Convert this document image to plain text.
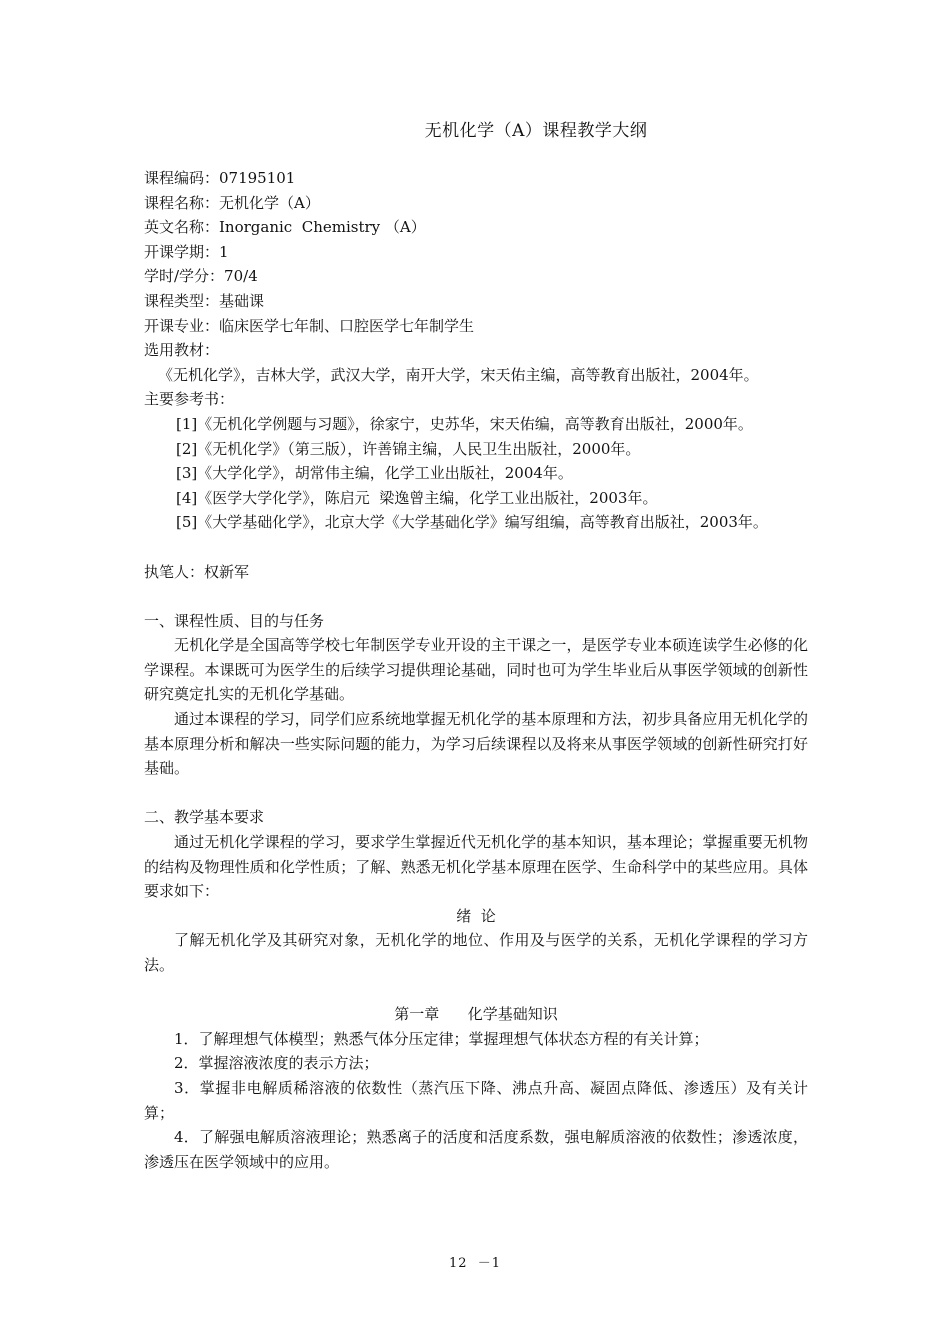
无机化学（A）课程教学大纲
课程编码：07195101
课程名称：无机化学（A）
英文名称：Inorganic  Chemistry （A）
开课学期：1
学时/学分：70/4
课程类型：基础课
开课专业：临床医学七年制、口腔医学七年制学生
选用教材：
《无机化学》，吉林大学，武汉大学，南开大学，宋天佑主编，高等教育出版社，2004年。
主要参考书：
[1]《无机化学例题与习题》，徐家宁，史苏华，宋天佑编，高等教育出版社，2000年。
[2]《无机化学》（第三版），许善锦主编，人民卫生出版社，2000年。
[3]《大学化学》，胡常伟主编，化学工业出版社，2004年。
[4]《医学大学化学》，陈启元  梁逸曾主编，化学工业出版社，2003年。
[5]《大学基础化学》，北京大学《大学基础化学》编写组编，高等教育出版社，2003年。
执笔人：权新军
一、课程性质、目的与任务
无机化学是全国高等学校七年制医学专业开设的主干课之一，是医学专业本硕连读学生必修的化学课程。本课既可为医学生的后续学习提供理论基础，同时也可为学生毕业后从事医学领域的创新性研究奠定扎实的无机化学基础。
通过本课程的学习，同学们应系统地掌握无机化学的基本原理和方法，初步具备应用无机化学的基本原理分析和解决一些实际问题的能力，为学习后续课程以及将来从事医学领域的创新性研究打好基础。
二、教学基本要求
通过无机化学课程的学习，要求学生掌握近代无机化学的基本知识，基本理论；掌握重要无机物的结构及物理性质和化学性质；了解、熟悉无机化学基本原理在医学、生命科学中的某些应用。具体要求如下：
绪  论
了解无机化学及其研究对象，无机化学的地位、作用及与医学的关系，无机化学课程的学习方法。
第一章      化学基础知识
1．了解理想气体模型；熟悉气体分压定律；掌握理想气体状态方程的有关计算；
2．掌握溶液浓度的表示方法；
3．掌握非电解质稀溶液的依数性（蒸汽压下降、沸点升高、凝固点降低、渗透压）及有关计算；
4．了解强电解质溶液理论；熟悉离子的活度和活度系数，强电解质溶液的依数性；渗透浓度，渗透压在医学领域中的应用。
12  －1
